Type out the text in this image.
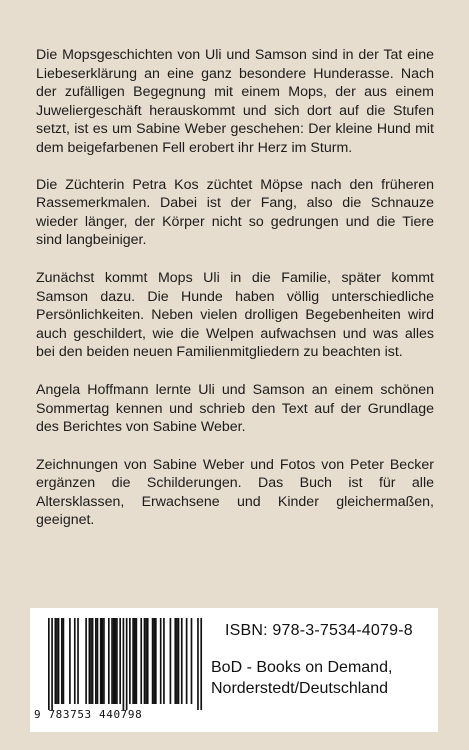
Die Mopsgeschichten von Uli und Samson sind in der Tat eine Liebeserklärung an eine ganz besondere Hunderasse. Nach der zufälligen Begegnung mit einem Mops, der aus einem Juweliergeschäft herauskommt und sich dort auf die Stufen setzt, ist es um Sabine Weber geschehen: Der kleine Hund mit dem beigefarbenen Fell erobert ihr Herz im Sturm.

Die Züchterin Petra Kos züchtet Möpse nach den früheren Rassemerkmalen. Dabei ist der Fang, also die Schnauze wieder länger, der Körper nicht so gedrungen und die Tiere sind langbeiniger.

Zunächst kommt Mops Uli in die Familie, später kommt Samson dazu. Die Hunde haben völlig unterschiedliche Persönlichkeiten. Neben vielen drolligen Begebenheiten wird auch geschildert, wie die Welpen aufwachsen und was alles bei den beiden neuen Familienmitgliedern zu beachten ist.

Angela Hoffmann lernte Uli und Samson an einem schönen Sommertag kennen und schrieb den Text auf der Grundlage des Berichtes von Sabine Weber.

Zeichnungen von Sabine Weber und Fotos von Peter Becker ergänzen die Schilderungen. Das Buch ist für alle Altersklassen, Erwachsene und Kinder gleichermaßen, geeignet.

9 783753 440798
ISBN: 978-3-7534-4079-8
BoD - Books on Demand,
Norderstedt/Deutschland
